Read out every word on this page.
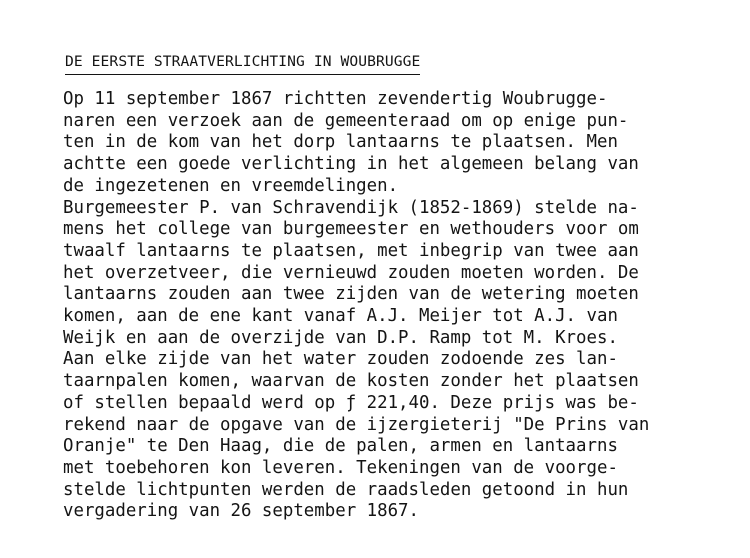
DE EERSTE STRAATVERLICHTING IN WOUBRUGGE
Op 11 september 1867 richtten zevendertig Woubrugge-
naren een verzoek aan de gemeenteraad om op enige pun-
ten in de kom van het dorp lantaarns te plaatsen. Men
achtte een goede verlichting in het algemeen belang van
de ingezetenen en vreemdelingen.
Burgemeester P. van Schravendijk (1852-1869) stelde na-
mens het college van burgemeester en wethouders voor om
twaalf lantaarns te plaatsen, met inbegrip van twee aan
het overzetveer, die vernieuwd zouden moeten worden. De
lantaarns zouden aan twee zijden van de wetering moeten
komen, aan de ene kant vanaf A.J. Meijer tot A.J. van
Weijk en aan de overzijde van D.P. Ramp tot M. Kroes.
Aan elke zijde van het water zouden zodoende zes lan-
taarnpalen komen, waarvan de kosten zonder het plaatsen
of stellen bepaald werd op ƒ 221,40. Deze prijs was be-
rekend naar de opgave van de ijzergieterij "De Prins van
Oranje" te Den Haag, die de palen, armen en lantaarns
met toebehoren kon leveren. Tekeningen van de voorge-
stelde lichtpunten werden de raadsleden getoond in hun
vergadering van 26 september 1867.
